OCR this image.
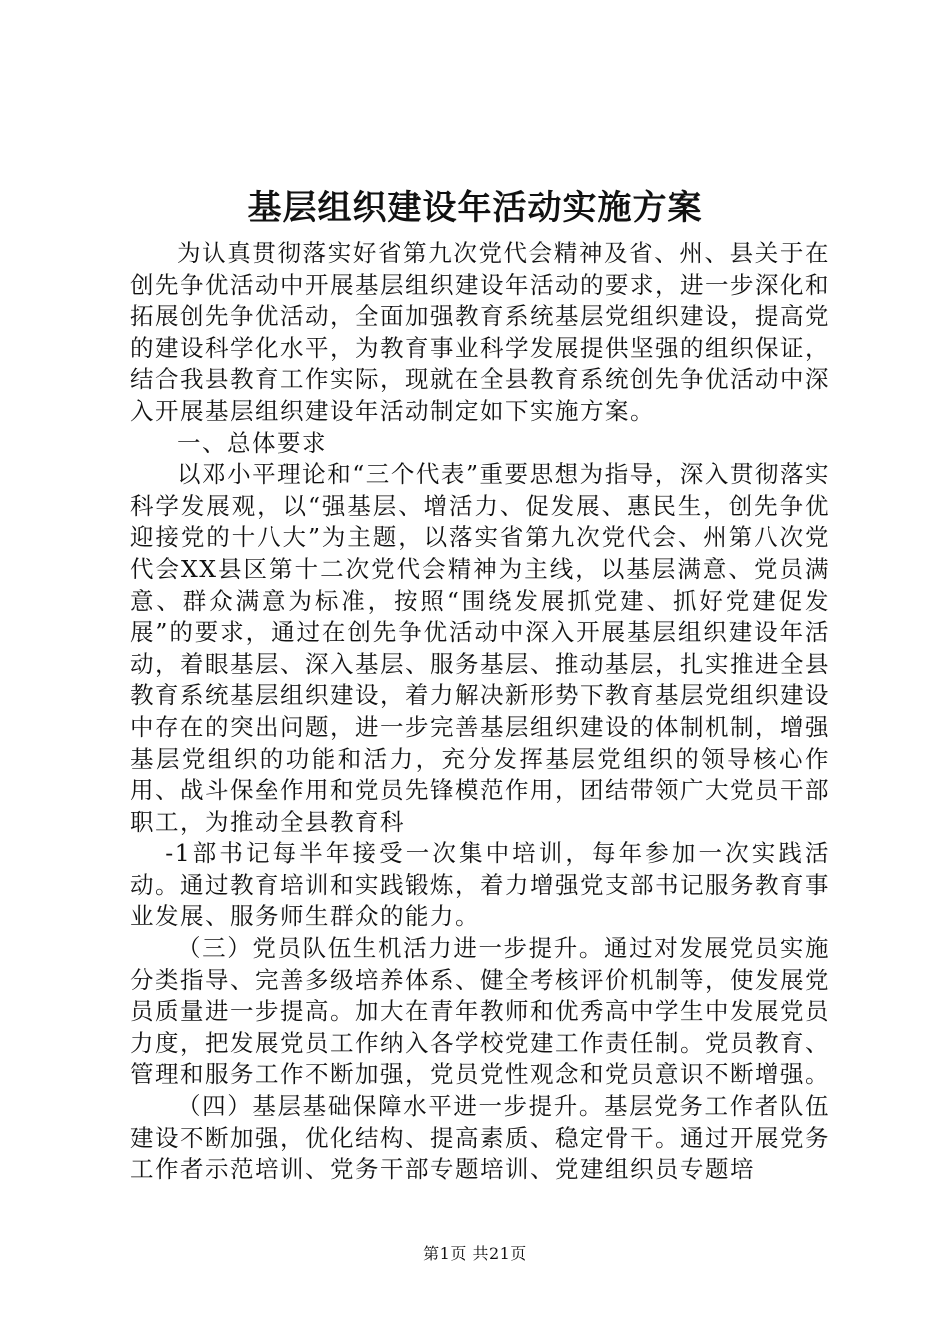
基层组织建设年活动实施方案

为认真贯彻落实好省第九次党代会精神及省、州、县关于在创先争优活动中开展基层组织建设年活动的要求，进一步深化和拓展创先争优活动，全面加强教育系统基层党组织建设，提高党的建设科学化水平，为教育事业科学发展提供坚强的组织保证，结合我县教育工作实际，现就在全县教育系统创先争优活动中深入开展基层组织建设年活动制定如下实施方案。

一、总体要求

以邓小平理论和“三个代表”重要思想为指导，深入贯彻落实科学发展观，以“强基层、增活力、促发展、惠民生，创先争优迎接党的十八大”为主题，以落实省第九次党代会、州第八次党代会XX县区第十二次党代会精神为主线，以基层满意、党员满意、群众满意为标准，按照“围绕发展抓党建、抓好党建促发展”的要求，通过在创先争优活动中深入开展基层组织建设年活动，着眼基层、深入基层、服务基层、推动基层，扎实推进全县教育系统基层组织建设，着力解决新形势下教育基层党组织建设中存在的突出问题，进一步完善基层组织建设的体制机制，增强基层党组织的功能和活力，充分发挥基层党组织的领导核心作用、战斗保垒作用和党员先锋模范作用，团结带领广大党员干部职工，为推动全县教育科

-1部书记每半年接受一次集中培训，每年参加一次实践活动。通过教育培训和实践锻炼，着力增强党支部书记服务教育事业发展、服务师生群众的能力。

（三）党员队伍生机活力进一步提升。通过对发展党员实施分类指导、完善多级培养体系、健全考核评价机制等，使发展党员质量进一步提高。加大在青年教师和优秀高中学生中发展党员力度，把发展党员工作纳入各学校党建工作责任制。党员教育、管理和服务工作不断加强，党员党性观念和党员意识不断增强。

（四）基层基础保障水平进一步提升。基层党务工作者队伍建设不断加强，优化结构、提高素质、稳定骨干。通过开展党务工作者示范培训、党务干部专题培训、党建组织员专题培

第1页 共21页
